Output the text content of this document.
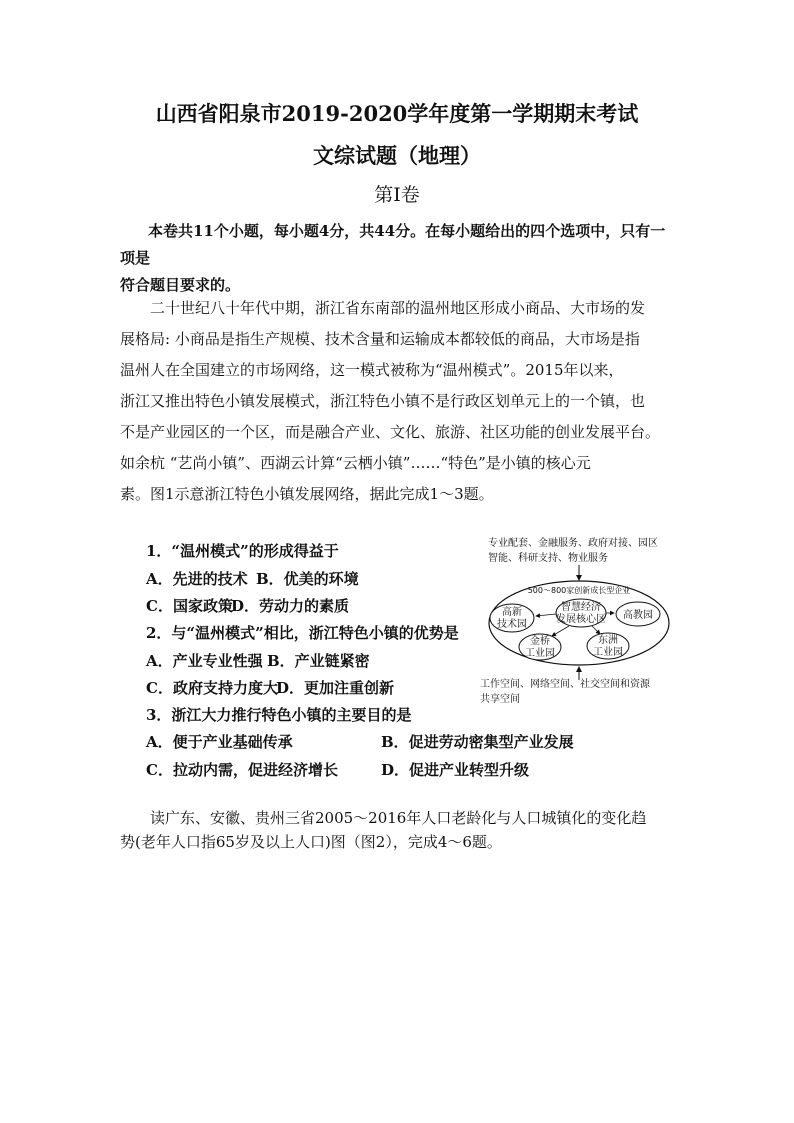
山西省阳泉市2019-2020学年度第一学期期末考试
文综试题（地理）
第Ⅰ卷
本卷共11个小题，每小题4分，共44分。在每小题给出的四个选项中，只有一项是
符合题目要求的。
二十世纪八十年代中期，浙江省东南部的温州地区形成小商品、大市场的发
展格局: 小商品是指生产规模、技术含量和运输成本都较低的商品，大市场是指
温州人在全国建立的市场网络，这一模式被称为“温州模式”。2015年以来，
浙江又推出特色小镇发展模式，浙江特色小镇不是行政区划单元上的一个镇，也
不是产业园区的一个区，而是融合产业、文化、旅游、社区功能的创业发展平台。
如余杭 “艺尚小镇”、西湖云计算“云栖小镇”……“特色”是小镇的核心元
素。图1示意浙江特色小镇发展网络，据此完成1～3题。
1．“温州模式”的形成得益于
A．先进的技术 B．优美的环境
C．国家政策
D．劳动力的素质
2．与“温州模式”相比，浙江特色小镇的优势是
A．产业专业性强 B．产业链紧密
C．政府支持力度大
D．更加注重创新
3．浙江大力推行特色小镇的主要目的是
A．便于产业基础传承	B．促进劳动密集型产业发展
C．拉动内需，促进经济增长	D．促进产业转型升级
专业配套、金融服务、政府对接、园区
智能、科研支持、物业服务
500～800家创新成长型企业
智慧经济
发展核心区
高新
技术园
高教园
金桥
工业园
东洲
工业园
工作空间、网络空间、社交空间和资源
共享空间
读广东、安徽、贵州三省2005～2016年人口老龄化与人口城镇化的变化趋
势(老年人口指65岁及以上人口)图（图2），完成4～6题。
